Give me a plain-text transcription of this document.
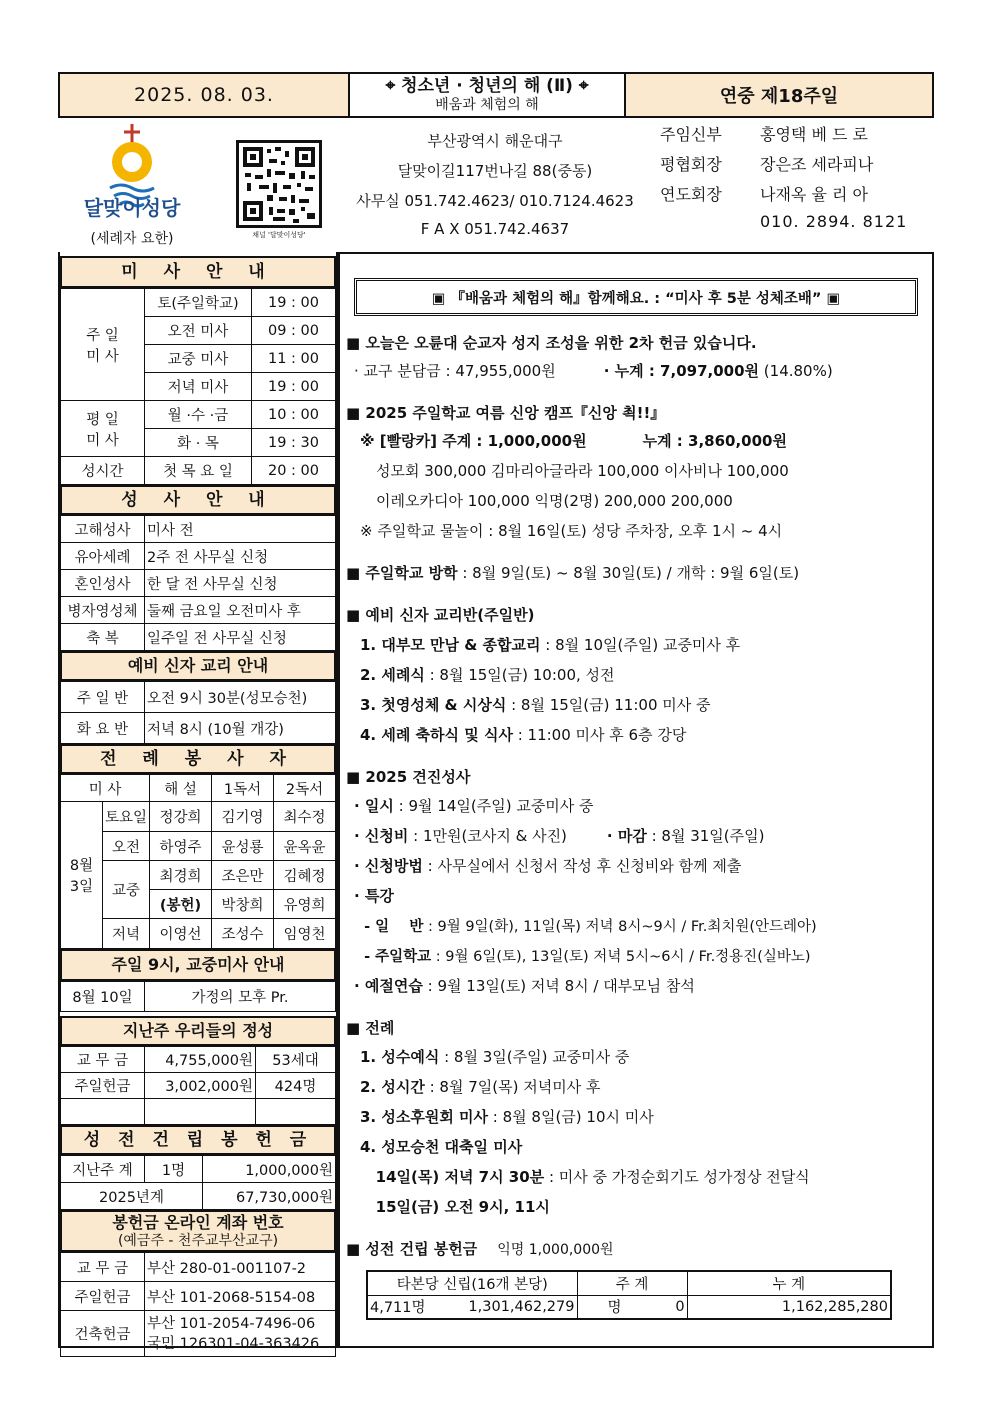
2025. 08. 03.	⌖ 청소년 · 청년의 해 (Ⅱ) ⌖
배움과 체험의 해	연중 제18주일
달맞이성당
(세례자 요한)	채널 '달맞이성당'
부산광역시 해운대구
달맞이길117번나길 88(중동)
사무실 051.742.4623/ 010.7124.4623
F A X 051.742.4637
주임신부	홍영택 베 드 로
평협회장	장은조 세라피나
연도회장	나재옥 율 리 아
010. 2894. 8121
미 사 안 내
주 일
미 사	토(주일학교)	19 : 00
	오전 미사	09 : 00
	교중 미사	11 : 00
	저녁 미사	19 : 00
평 일
미 사	월 ·수 ·금	10 : 00
	화 · 목	19 : 30
성시간	첫 목 요 일	20 : 00
성 사 안 내
고해성사	미사 전
유아세례	2주 전 사무실 신청
혼인성사	한 달 전 사무실 신청
병자영성체	둘째 금요일 오전미사 후
축 복	일주일 전 사무실 신청
예비 신자 교리 안내
주 일 반	오전 9시 30분(성모승천)
화 요 반	저녁 8시 (10월 개강)
전 례 봉 사 자
미 사		해 설	1독서	2독서
8월
3일	토요일	정강희	김기영	최수정
	오전	하영주	윤성룡	윤옥윤
	교중	최경희	조은만	김혜정
		(봉헌)	박창희	유영희
	저녁	이영선	조성수	임영천
주일 9시, 교중미사 안내
8월 10일	가정의 모후 Pr.
지난주 우리들의 정성
교 무 금	4,755,000원	53세대
주일헌금	3,002,000원	424명

성 전 건 립 봉 헌 금
지난주 계	1명	1,000,000원
2025년계		67,730,000원
봉헌금 온라인 계좌 번호
(예금주 - 천주교부산교구)
교 무 금	부산 280-01-001107-2
주일헌금	부산 101-2068-5154-08
건축헌금	부산 101-2054-7496-06
국민 126301-04-363426
▣ 『배움과 체험의 해』함께해요. : “미사 후 5분 성체조배” ▣
■ 오늘은 오륜대 순교자 성지 조성을 위한 2차 헌금 있습니다.
· 교구 분담금 : 47,955,000원	· 누계 : 7,097,000원 (14.80%)
■ 2025 주일학교 여름 신앙 캠프『신앙 쵝!!』
※ [빨랑카] 주계 : 1,000,000원	누계 : 3,860,000원
성모회 300,000 김마리아글라라 100,000 이사비나 100,000
이레오카디아 100,000 익명(2명) 200,000 200,000
※ 주일학교 물놀이 : 8월 16일(토) 성당 주차장, 오후 1시 ~ 4시
■ 주일학교 방학 : 8월 9일(토) ~ 8월 30일(토) / 개학 : 9월 6일(토)
■ 예비 신자 교리반(주일반)
1. 대부모 만남 & 종합교리 : 8월 10일(주일) 교중미사 후
2. 세례식 : 8월 15일(금) 10:00, 성전
3. 첫영성체 & 시상식 : 8월 15일(금) 11:00 미사 중
4. 세례 축하식 및 식사 : 11:00 미사 후 6층 강당
■ 2025 견진성사
· 일시 : 9월 14일(주일) 교중미사 중
· 신청비 : 1만원(코사지 & 사진)	· 마감 : 8월 31일(주일)
· 신청방법 : 사무실에서 신청서 작성 후 신청비와 함께 제출
· 특강
- 일    반 : 9월 9일(화), 11일(목) 저녁 8시~9시 / Fr.최치원(안드레아)
- 주일학교 : 9월 6일(토), 13일(토) 저녁 5시~6시 / Fr.정용진(실바노)
· 예절연습 : 9월 13일(토) 저녁 8시 / 대부모님 참석
■ 전례
1. 성수예식 : 8월 3일(주일) 교중미사 중
2. 성시간 : 8월 7일(목) 저녁미사 후
3. 성소후원회 미사 : 8월 8일(금) 10시 미사
4. 성모승천 대축일 미사
14일(목) 저녁 7시 30분 : 미사 중 가정순회기도 성가정상 전달식
15일(금) 오전 9시, 11시
■ 성전 건립 봉헌금 익명 1,000,000원
타본당 신립(16개 본당)		주 계		누 계
4,711명	1,301,462,279	명	0	1,162,285,280
